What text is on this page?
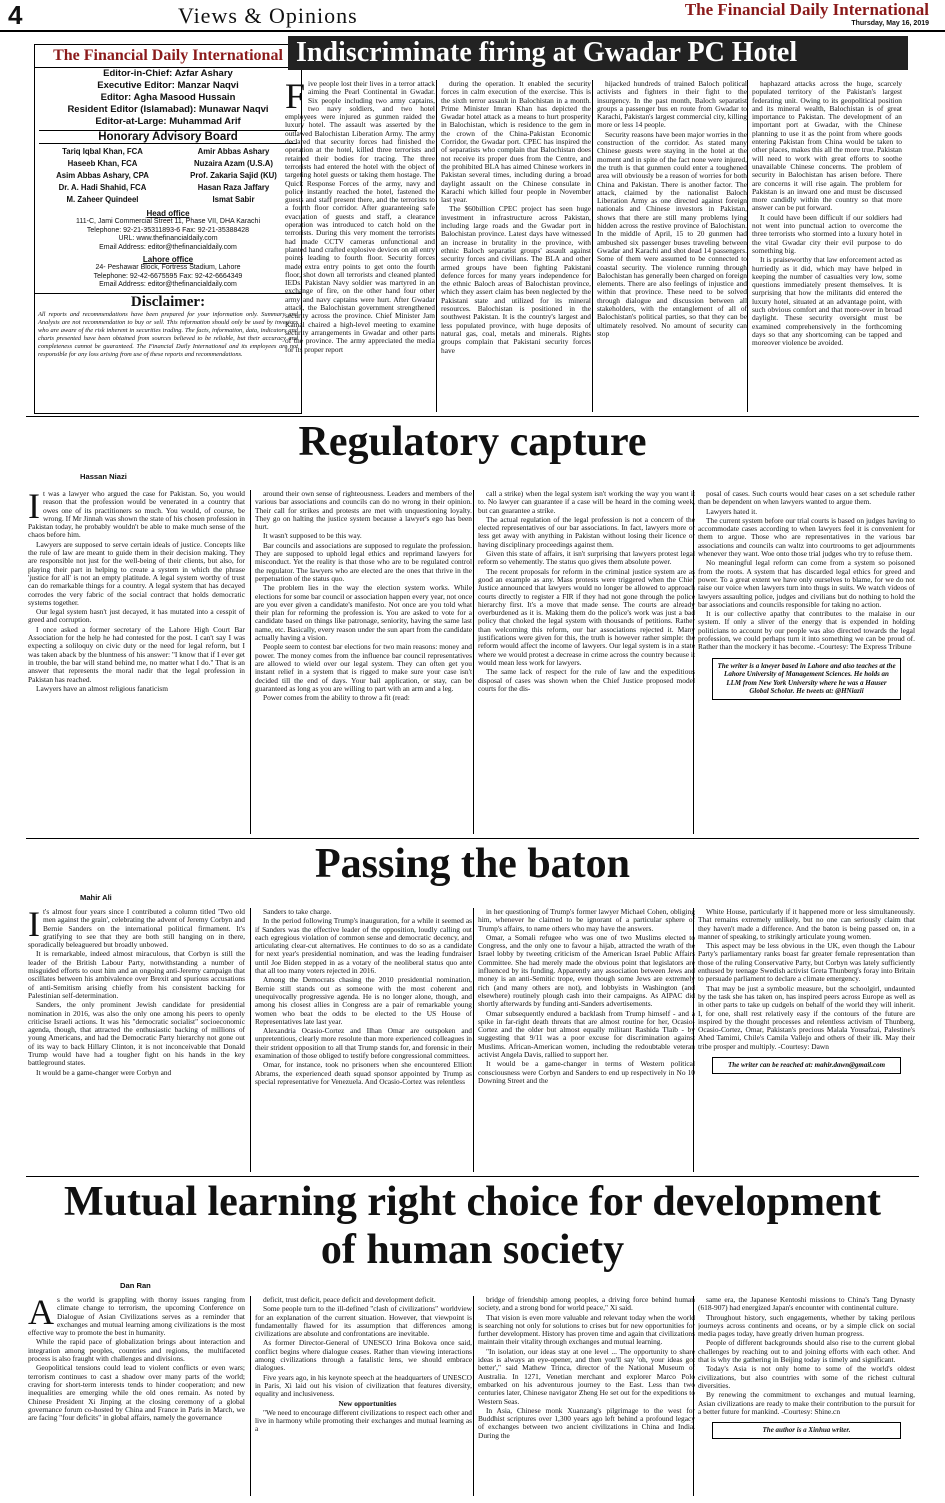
4	Views & Opinions	The Financial Daily International
Thursday, May 16, 2019
The Financial Daily International
Editor-in-Chief: Azfar Ashary
Executive Editor: Manzar Naqvi
Editor: Agha Masood Hussain
Resident Editor (Islamabad): Munawar Naqvi
Editor-at-Large: Muhammad Arif
Honorary Advisory Board
Tariq Iqbal Khan, FCA	Amir Abbas Ashary
Haseeb Khan, FCA	Nuzaira Azam (U.S.A)
Asim Abbas Ashary, CPA	Prof. Zakaria Sajid (KU)
Dr. A. Hadi Shahid, FCA	Hasan Raza Jaffary
M. Zaheer Quindeel	Ismat Sabir
Head office
111-C, Jami Commercial Street 11, Phase VII, DHA Karachi
Telephone: 92-21-35311893-6 Fax: 92-21-35388428
URL: www.thefinancialdaily.com
Email Address: editor@thefinancialdaily.com
Lahore office
24- Peshawar Block, Fortress Stadium, Lahore
Telephone: 92-42-6675595 Fax: 92-42-6664349
Email Address: editor@thefinancialdaily.com
Disclaimer:
All reports and recommendations have been prepared for your information only. Summary and Analysis are not recommendation to buy or sell. This information should only be used by investors who are aware of the risk inherent in securities trading. The facts, information, data, indicators and charts presented have been obtained from sources believed to be reliable, but their accuracy and completeness cannot be guaranteed. The Financial Daily International and its employees are not responsible for any loss arising from use of these reports and recommendations.
Indiscriminate firing at Gwadar PC Hotel

Five people lost their lives in a terror attack aiming the Pearl Continental in Gwadar. Six people including two army captains, two navy soldiers, and two hotel employees were injured as gunmen raided the luxury hotel. The assault was asserted by the outlawed Balochistan Liberation Army. The army declared that security forces had finished the operation at the hotel, killed three terrorists and retained their bodies for tracing. The three terrorists had entered the hotel with the object of targeting hotel guests or taking them hostage. The Quick Response Forces of the army, navy and police instantly reached the hotel, fastened the guests and staff present there, and the terrorists to a fourth floor corridor. After guaranteeing safe evacuation of guests and staff, a clearance operation was introduced to catch hold on the terrorists. During this very moment the terrorists had made CCTV cameras unfunctional and planted hand crafted explosive devices on all entry points leading to fourth floor. Security forces made extra entry points to get onto the fourth floor, shot down all terrorists and cleaned planted IEDs. Pakistan Navy soldier was martyred in an exchange of fire, on the other hand four other army and navy captains were hurt. After Gwadar attack, the Balochistan government strengthened security across the province. Chief Minister Jam Kamal chaired a high-level meeting to examine security arrangements in Gwadar and other parts of the province. The army appreciated the media for its proper report

during the operation. It enabled the security forces in calm execution of the exercise. This is the sixth terror assault in Balochistan in a month. Prime Minister Imran Khan has depicted the Gwadar hotel attack as a means to hurt prosperity in Balochistan, which is residence to the gem in the crown of the China-Pakistan Economic Corridor, the Gwadar port. CPEC has inspired the of separatists who complain that Balochistan does not receive its proper dues from the Centre, and the prohibited BLA has aimed Chinese workers in Pakistan several times, including during a broad daylight assault on the Chinese consulate in Karachi which killed four people in November last year.

The $60billion CPEC project has seen huge investment in infrastructure across Pakistan, including large roads and the Gwadar port in Balochistan province. Latest days have witnessed an increase in brutality in the province, with ethnic Baloch separatist groups' assault against security forces and civilians. The BLA and other armed groups have been fighting Pakistani defence forces for many years independence for the ethnic Baloch areas of Balochistan province, which they assert claim has been neglected by the Pakistani state and utilized for its mineral resources. Balochistan is positioned in the southwest Pakistan. It is the country's largest and less populated province, with huge deposits of natural gas, coal, metals and minerals. Rights groups complain that Pakistani security forces have

hijacked hundreds of trained Baloch political activists and fighters in their fight to the insurgency. In the past month, Baloch separatist groups a passenger bus en route from Gwadar to Karachi, Pakistan's largest commercial city, killing more or less 14 people.

Security reasons have been major worries in the construction of the corridor. As stated many Chinese guests were staying in the hotel at the moment and in spite of the fact none were injured, the truth is that gunmen could enter a toughened area will obviously be a reason of worries for both China and Pakistan. There is another factor. The attack, claimed by the nationalist Baloch Liberation Army as one directed against foreign nationals and Chinese investors in Pakistan, shows that there are still many problems lying hidden across the restive province of Balochistan. In the middle of April, 15 to 20 gunmen had ambushed six passenger buses traveling between Gwadar and Karachi and shot dead 14 passengers. Some of them were assumed to be connected to coastal security. The violence running through Balochistan has generally been charged on foreign elements. There are also feelings of injustice and within that province. These need to be solved through dialogue and discussion between all stakeholders, with the entanglement of all of Balochistan's political parties, so that they can be ultimately resolved. No amount of security can stop

haphazard attacks across the huge, scarcely populated territory of the Pakistan's largest federating unit. Owing to its geopolitical position and its mineral wealth, Balochistan is of great importance to Pakistan. The development of an important port at Gwadar, with the Chinese planning to use it as the point from where goods entering Pakistan from China would be taken to other places, makes this all the more true. Pakistan will need to work with great efforts to soothe unavailable Chinese concerns. The problem of security in Balochistan has arisen before. There are concerns it will rise again. The problem for Pakistan is an inward one and must be discussed more candidly within the country so that more answer can be put forward.

It could have been difficult if our soldiers had not went into punctual action to overcome the three terrorists who stormed into a luxury hotel in the vital Gwadar city their evil purpose to do something big.

It is praiseworthy that law enforcement acted as hurriedly as it did, which may have helped in keeping the number of casualties very low, some questions immediately present themselves. It is surprising that how the militants did entered the luxury hotel, situated at an advantage point, with such obvious comfort and that more-over in broad daylight. These security oversight must be examined comprehensively in the forthcoming days so that any shortcoming can be tapped and moreover violence be avoided.

Regulatory capture
Hassan Niazi

It was a lawyer who argued the case for Pakistan. So, you would reason that the profession would be venerated in a country that owes one of its practitioners so much. You would, of course, be wrong. If Mr Jinnah was shown the state of his chosen profession in Pakistan today, he probably wouldn't be able to make much sense of the chaos before him.

Lawyers are supposed to serve certain ideals of justice. Concepts like the rule of law are meant to guide them in their decision making. They are responsible not just for the well-being of their clients, but also, for playing their part in helping to create a system in which the phrase 'justice for all' is not an empty platitude. A legal system worthy of trust can do remarkable things for a country. A legal system that has decayed corrodes the very fabric of the social contract that holds democratic systems together.

Our legal system hasn't just decayed, it has mutated into a cesspit of greed and corruption.

I once asked a former secretary of the Lahore High Court Bar Association for the help he had contested for the post. I can't say I was expecting a soliloquy on civic duty or the need for legal reform, but I was taken aback by the bluntness of his answer: "I know that if I ever get in trouble, the bar will stand behind me, no matter what I do." That is an answer that represents the moral nadir that the legal profession in Pakistan has reached.

Lawyers have an almost religious fanaticism

around their own sense of righteousness. Leaders and members of the various bar associations and councils can do no wrong in their opinion. Their call for strikes and protests are met with unquestioning loyalty. They go on halting the justice system because a lawyer's ego has been hurt.

It wasn't supposed to be this way.

Bar councils and associations are supposed to regulate the profession. They are supposed to uphold legal ethics and reprimand lawyers for misconduct. Yet the reality is that those who are to be regulated control the regulator. The lawyers who are elected are the ones that thrive in the perpetuation of the status quo.

The problem lies in the way the election system works. While elections for some bar council or association happen every year, not once are you ever given a candidate's manifesto. Not once are you told what their plan for reforming the profession is. You are asked to vote for a candidate based on things like patronage, seniority, having the same last name, etc. Basically, every reason under the sun apart from the candidate actually having a vision.

People seem to contest bar elections for two main reasons: money and power. The money comes from the influence bar council representatives are allowed to wield over our legal system. They can often get you instant relief in a system that is rigged to make sure your case isn't decided till the end of days. Your bail application, or stay, can be guaranteed as long as you are willing to part with an arm and a leg.

Power comes from the ability to throw a fit (read:

call a strike) when the legal system isn't working the way you want it to. No lawyer can guarantee if a case will be heard in the coming week, but can guarantee a strike.

The actual regulation of the legal profession is not a concern of the elected representatives of our bar associations. In fact, lawyers more or less get away with anything in Pakistan without losing their licence or having disciplinary proceedings against them.

Given this state of affairs, it isn't surprising that lawyers protest legal reform so vehemently. The status quo gives them absolute power.

The recent proposals for reform in the criminal justice system are as good an example as any. Mass protests were triggered when the Chief Justice announced that lawyers would no longer be allowed to approach courts directly to register a FIR if they had not gone through the police hierarchy first. It's a move that made sense. The courts are already overburdened as it is. Making them do the police's work was just a bad policy that choked the legal system with thousands of petitions. Rather than welcoming this reform, our bar associations rejected it. Many justifications were given for this, the truth is however rather simple: the reform would affect the income of lawyers. Our legal system is in a state where we would protest a decrease in crime across the country because it would mean less work for lawyers.

The same lack of respect for the rule of law and the expeditious disposal of cases was shown when the Chief Justice proposed model courts for the dis-

posal of cases. Such courts would hear cases on a set schedule rather than be dependent on when lawyers wanted to argue them.

Lawyers hated it.

The current system before our trial courts is based on judges having to accommodate cases according to when lawyers feel it is convenient for them to argue. Those who are representatives in the various bar associations and councils can waltz into courtrooms to get adjournments whenever they want. Woe onto those trial judges who try to refuse them.

No meaningful legal reform can come from a system so poisoned from the roots. A system that has discarded legal ethics for greed and power. To a great extent we have only ourselves to blame, for we do not raise our voice when lawyers turn into thugs in suits. We watch videos of lawyers assaulting police, judges and civilians but do nothing to hold the bar associations and councils responsible for taking no action.

It is our collective apathy that contributes to the malaise in our system. If only a sliver of the energy that is expended in holding politicians to account by our people was also directed towards the legal profession, we could perhaps turn it into something we can be proud of. Rather than the mockery it has become. -Courtesy: The Express Tribune

The writer is a lawyer based in Lahore and also teaches at the Lahore University of Management Sciences. He holds an LLM from New York University where he was a Hauser Global Scholar. He tweets at: @HNiazii
Passing the baton
Mahir Ali

It's almost four years since I contributed a column titled 'Two old men against the grain', celebrating the advent of Jeremy Corbyn and Bernie Sanders on the international political firmament. It's gratifying to see that they are both still hanging on in there, sporadically beleaguered but broadly unbowed.

It is remarkable, indeed almost miraculous, that Corbyn is still the leader of the British Labour Party, notwithstanding a number of misguided efforts to oust him and an ongoing anti-Jeremy campaign that oscillates between his ambivalence over Brexit and spurious accusations of anti-Semitism arising chiefly from his consistent backing for Palestinian self-determination.

Sanders, the only prominent Jewish candidate for presidential nomination in 2016, was also the only one among his peers to openly criticise Israeli actions. It was his "democratic socialist" socioeconomic agenda, though, that attracted the enthusiastic backing of millions of young Americans, and had the Democratic Party hierarchy not gone out of its way to back Hillary Clinton, it is not inconceivable that Donald Trump would have had a tougher fight on his hands in the key battleground states.

It would be a game-changer were Corbyn and

Sanders to take charge.

In the period following Trump's inauguration, for a while it seemed as if Sanders was the effective leader of the opposition, loudly calling out each egregious violation of common sense and democratic decency, and articulating clear-cut alternatives. He continues to do so as a candidate for next year's presidential nomination, and was the leading fundraiser until Joe Biden stepped in as a votary of the neoliberal status quo ante that all too many voters rejected in 2016.

Among the Democrats chasing the 2010 presidential nomination, Bernie still stands out as someone with the most coherent and unequivocally progressive agenda. He is no longer alone, though, and among his closest allies in Congress are a pair of remarkable young women who beat the odds to be elected to the US House of Representatives late last year.

Alexandria Ocasio-Cortez and Ilhan Omar are outspoken and unpretentious, clearly more resolute than more experienced colleagues in their strident opposition to all that Trump stands for, and forensic in their examination of those obliged to testify before congressional committees.

Omar, for instance, took no prisoners when she encountered Elliott Abrams, the experienced death squad sponsor appointed by Trump as special representative for Venezuela. And Ocasio-Cortez was relentless

in her questioning of Trump's former lawyer Michael Cohen, obliging him, whenever he claimed to be ignorant of a particular sphere of Trump's affairs, to name others who may have the answers.

Omar, a Somali refugee who was one of two Muslims elected to Congress, and the only one to favour a hijab, attracted the wrath of the Israel lobby by tweeting criticism of the American Israel Public Affairs Committee. She had merely made the obvious point that legislators are influenced by its funding. Apparently any association between Jews and money is an anti-Semitic trope, even though some Jews are extremely rich (and many others are not), and lobbyists in Washington (and elsewhere) routinely plough cash into their campaigns. As AIPAC did shortly afterwards by funding anti-Sanders advertisements.

Omar subsequently endured a backlash from Trump himself - and a spike in far-right death threats that are almost routine for her, Ocasio-Cortez and the older but almost equally militant Rashida Tlaib - by suggesting that 9/11 was a poor excuse for discrimination against Muslims. African-American women, including the redoubtable veteran activist Angela Davis, rallied to support her.

It would be a game-changer in terms of Western political consciousness were Corbyn and Sanders to end up respectively in No 10 Downing Street and the

White House, particularly if it happened more or less simultaneously. That remains extremely unlikely, but no one can seriously claim that they haven't made a difference. And the baton is being passed on, in a manner of speaking, to strikingly articulate young women.

This aspect may be less obvious in the UK, even though the Labour Party's parliamentary ranks boast far greater female representation than those of the ruling Conservative Party, but Corbyn was lately sufficiently enthused by teenage Swedish activist Greta Thunberg's foray into Britain to persuade parliament to declare a climate emergency.

That may be just a symbolic measure, but the schoolgirl, undaunted by the task she has taken on, has inspired peers across Europe as well as in other parts to take up cudgels on behalf of the world they will inherit. I, for one, shall rest relatively easy if the contours of the future are inspired by the thought processes and relentless activism of Thunberg, Ocasio-Cortez, Omar, Pakistan's precious Malala Yousafzai, Palestine's Ahed Tamimi, Chile's Camila Vallejo and others of their ilk. May their tribe prosper and multiply. -Courtesy: Dawn

The writer can be reached at: mahir.dawn@gmail.com
Mutual learning right choice for development
of human society
Dan Ran

As the world is grappling with thorny issues ranging from climate change to terrorism, the upcoming Conference on Dialogue of Asian Civilizations serves as a reminder that exchanges and mutual learning among civilizations is the most effective way to promote the best in humanity.

While the rapid pace of globalization brings about interaction and integration among peoples, countries and regions, the multifaceted process is also fraught with challenges and divisions.

Geopolitical tensions could lead to violent conflicts or even wars; terrorism continues to cast a shadow over many parts of the world; craving for short-term interests tends to hinder cooperation; and new inequalities are emerging while the old ones remain. As noted by Chinese President Xi Jinping at the closing ceremony of a global governance forum co-hosted by China and France in Paris in March, we are facing "four deficits" in global affairs, namely the governance

deficit, trust deficit, peace deficit and development deficit.

Some people turn to the ill-defined "clash of civilizations" worldview for an explanation of the current situation. However, that viewpoint is fundamentally flawed for its assumption that differences among civilizations are absolute and confrontations are inevitable.

As former Director-General of UNESCO Irina Bokova once said, conflict begins where dialogue ceases. Rather than viewing interactions among civilizations through a fatalistic lens, we should embrace dialogues.

Five years ago, in his keynote speech at the headquarters of UNESCO in Paris, Xi laid out his vision of civilization that features diversity, equality and inclusiveness.

New opportunities

"We need to encourage different civilizations to respect each other and live in harmony while promoting their exchanges and mutual learning as a

bridge of friendship among peoples, a driving force behind human society, and a strong bond for world peace," Xi said.

That vision is even more valuable and relevant today when the world is searching not only for solutions to crises but for new opportunities for further development. History has proven time and again that civilizations maintain their vitality through exchanges and mutual learning.

"In isolation, our ideas stay at one level ... The opportunity to share ideas is always an eye-opener, and then you'll say 'oh, your ideas got better'," said Mathew Trinca, director of the National Museum of Australia. In 1271, Venetian merchant and explorer Marco Polo embarked on his adventurous journey to the East. Less than two centuries later, Chinese navigator Zheng He set out for the expeditions to Western Seas.

In Asia, Chinese monk Xuanzang's pilgrimage to the west for Buddhist scriptures over 1,300 years ago left behind a profound legacy of exchanges between two ancient civilizations in China and India. During the

same era, the Japanese Kentoshi missions to China's Tang Dynasty (618-907) had energized Japan's encounter with continental culture.

Throughout history, such engagements, whether by taking perilous journeys across continents and oceans, or by a simple click on social media pages today, have greatly driven human progress.

People of different backgrounds should also rise to the current global challenges by reaching out to and joining efforts with each other. And that is why the gathering in Beijing today is timely and significant.

Today's Asia is not only home to some of the world's oldest civilizations, but also countries with some of the richest cultural diversities.

By renewing the commitment to exchanges and mutual learning, Asian civilizations are ready to make their contribution to the pursuit for a better future for mankind. -Courtesy: Shine.cn

The author is a Xinhua writer.
